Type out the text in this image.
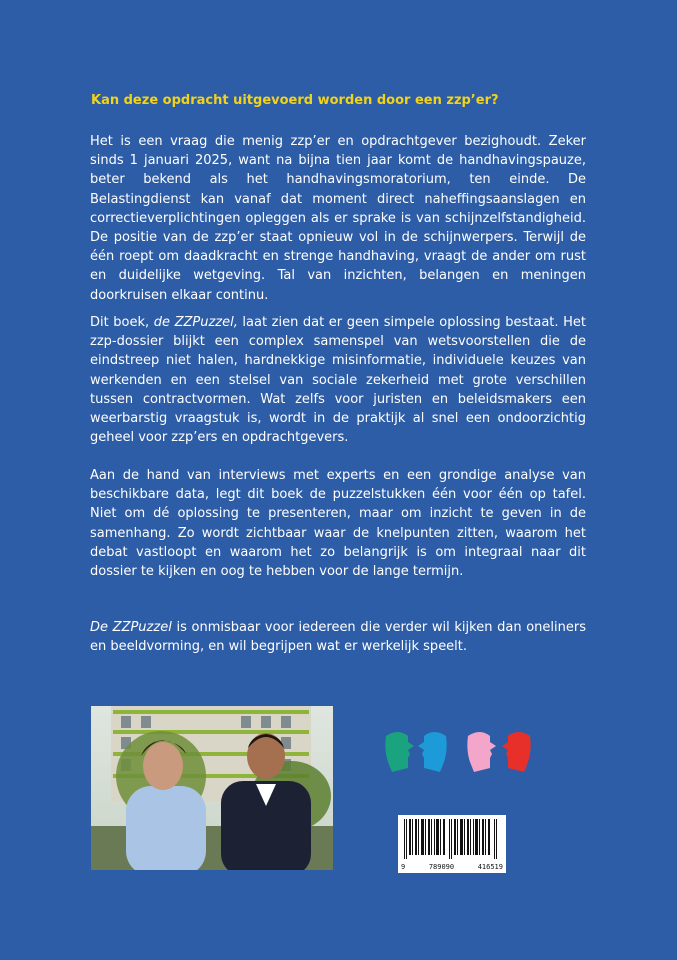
Kan deze opdracht uitgevoerd worden door een zzp’er?

Het is een vraag die menig zzp’er en opdrachtgever bezighoudt. Zeker sinds 1 januari 2025, want na bijna tien jaar komt de handhavingspauze, beter bekend als het handhavingsmoratorium, ten einde. De Belastingdienst kan vanaf dat moment direct naheffingsaanslagen en correctieverplichtingen opleggen als er sprake is van schijnzelfstandigheid. De positie van de zzp’er staat opnieuw vol in de schijnwerpers. Terwijl de één roept om daadkracht en strenge handhaving, vraagt de ander om rust en duidelijke wetgeving. Tal van inzichten, belangen en meningen doorkruisen elkaar continu.

Dit boek, de ZZPuzzel, laat zien dat er geen simpele oplossing bestaat. Het zzp-dossier blijkt een complex samenspel van wetsvoorstellen die de eindstreep niet halen, hardnekkige misinformatie, individuele keuzes van werkenden en een stelsel van sociale zekerheid met grote verschillen tussen contractvormen. Wat zelfs voor juristen en beleidsmakers een weerbarstig vraagstuk is, wordt in de praktijk al snel een ondoorzichtig geheel voor zzp’ers en opdrachtgevers.

Aan de hand van interviews met experts en een grondige analyse van beschikbare data, legt dit boek de puzzelstukken één voor één op tafel. Niet om dé oplossing te presenteren, maar om inzicht te geven in de samenhang. Zo wordt zichtbaar waar de knelpunten zitten, waarom het debat vastloopt en waarom het zo belangrijk is om integraal naar dit dossier te kijken en oog te hebben voor de lange termijn.

De ZZPuzzel is onmisbaar voor iedereen die verder wil kijken dan oneliners en beeldvorming, en wil begrijpen wat er werkelijk speelt.

9	789090	416519
